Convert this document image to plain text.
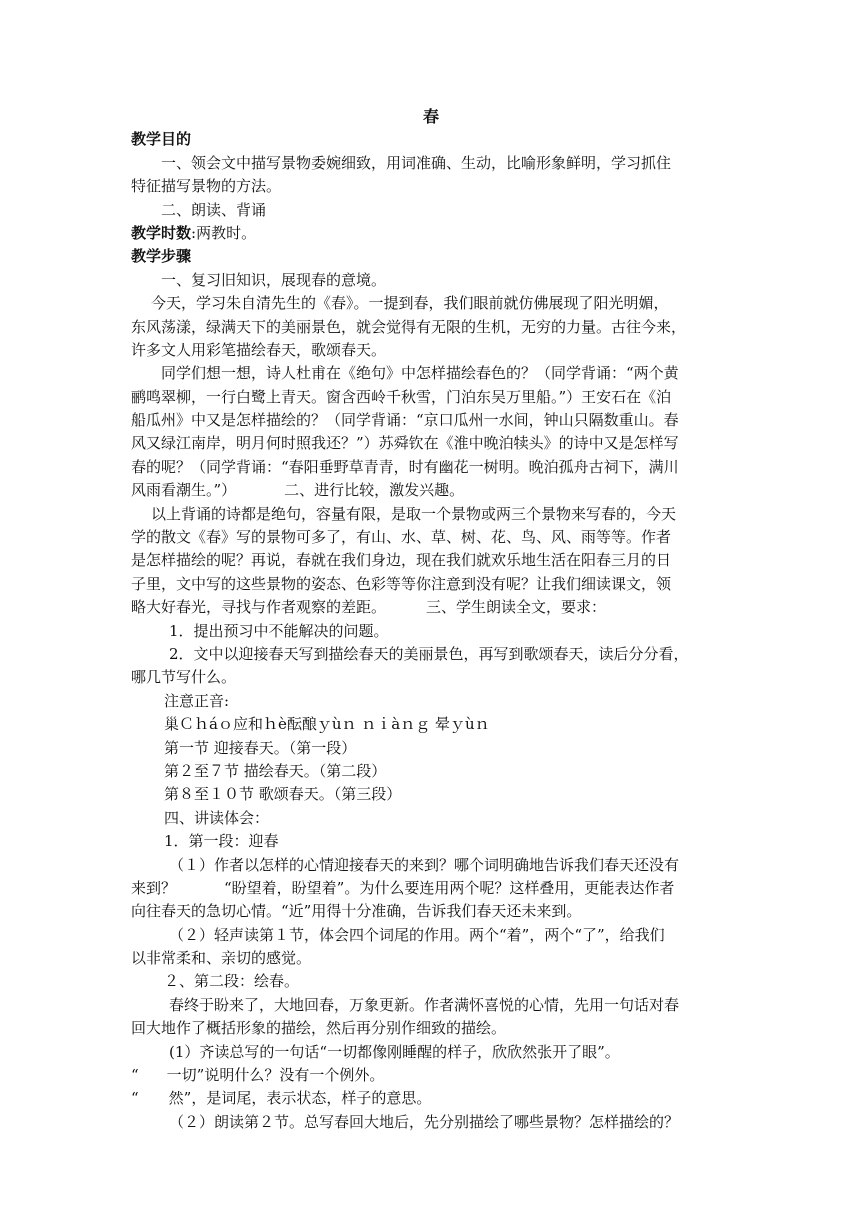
春
教学目的
一、领会文中描写景物委婉细致，用词准确、生动，比喻形象鲜明，学习抓住
特征描写景物的方法。
二、朗读、背诵
教学时数:两教时。
教学步骤
一、复习旧知识，展现春的意境。
今天，学习朱自清先生的《春》。一提到春，我们眼前就仿佛展现了阳光明媚，
东风荡漾，绿满天下的美丽景色，就会觉得有无限的生机，无穷的力量。古往今来，
许多文人用彩笔描绘春天，歌颂春天。
同学们想一想，诗人杜甫在《绝句》中怎样描绘春色的？（同学背诵：“两个黄
鹂鸣翠柳，一行白鹭上青天。窗含西岭千秋雪，门泊东吴万里船。”）王安石在《泊
船瓜州》中又是怎样描绘的？（同学背诵：“京口瓜州一水间，钟山只隔数重山。春
风又绿江南岸，明月何时照我还？”）苏舜钦在《淮中晚泊犊头》的诗中又是怎样写
春的呢？（同学背诵：“春阳垂野草青青，时有幽花一树明。晚泊孤舟古祠下，满川
风雨看潮生。”）	二、进行比较，激发兴趣。
以上背诵的诗都是绝句，容量有限，是取一个景物或两三个景物来写春的，今天
学的散文《春》写的景物可多了，有山、水、草、树、花、鸟、风、雨等等。作者
是怎样描绘的呢？再说，春就在我们身边，现在我们就欢乐地生活在阳春三月的日
子里，文中写的这些景物的姿态、色彩等等你注意到没有呢？让我们细读课文，领
略大好春光，寻找与作者观察的差距。	三、学生朗读全文，要求：
1．提出预习中不能解决的问题。
2．文中以迎接春天写到描绘春天的美丽景色，再写到歌颂春天，读后分分看，
哪几节写什么。
注意正音:
巢Ｃｈáｏ应和ｈè酝酿ｙùｎ ｎｉàｎｇ 晕ｙùｎ
第一节 迎接春天。（第一段）
第２至７节 描绘春天。（第二段）
第８至１０节 歌颂春天。（第三段）
四、讲读体会：
1．第一段：迎春
（１）作者以怎样的心情迎接春天的来到？哪个词明确地告诉我们春天还没有
来到？	“盼望着，盼望着”。为什么要连用两个呢？这样叠用，更能表达作者
向往春天的急切心情。“近”用得十分准确，告诉我们春天还未来到。
（２）轻声读第１节，体会四个词尾的作用。两个“着”，两个“了”，给我们
以非常柔和、亲切的感觉。
２、第二段：绘春。
春终于盼来了，大地回春，万象更新。作者满怀喜悦的心情，先用一句话对春
回大地作了概括形象的描绘，然后再分别作细致的描绘。
(1）齐读总写的一句话“一切都像刚睡醒的样子，欣欣然张开了眼”。
“ 一切”说明什么？没有一个例外。
“ 然”，是词尾，表示状态，样子的意思。
（２）朗读第２节。总写春回大地后，先分别描绘了哪些景物？怎样描绘的？
